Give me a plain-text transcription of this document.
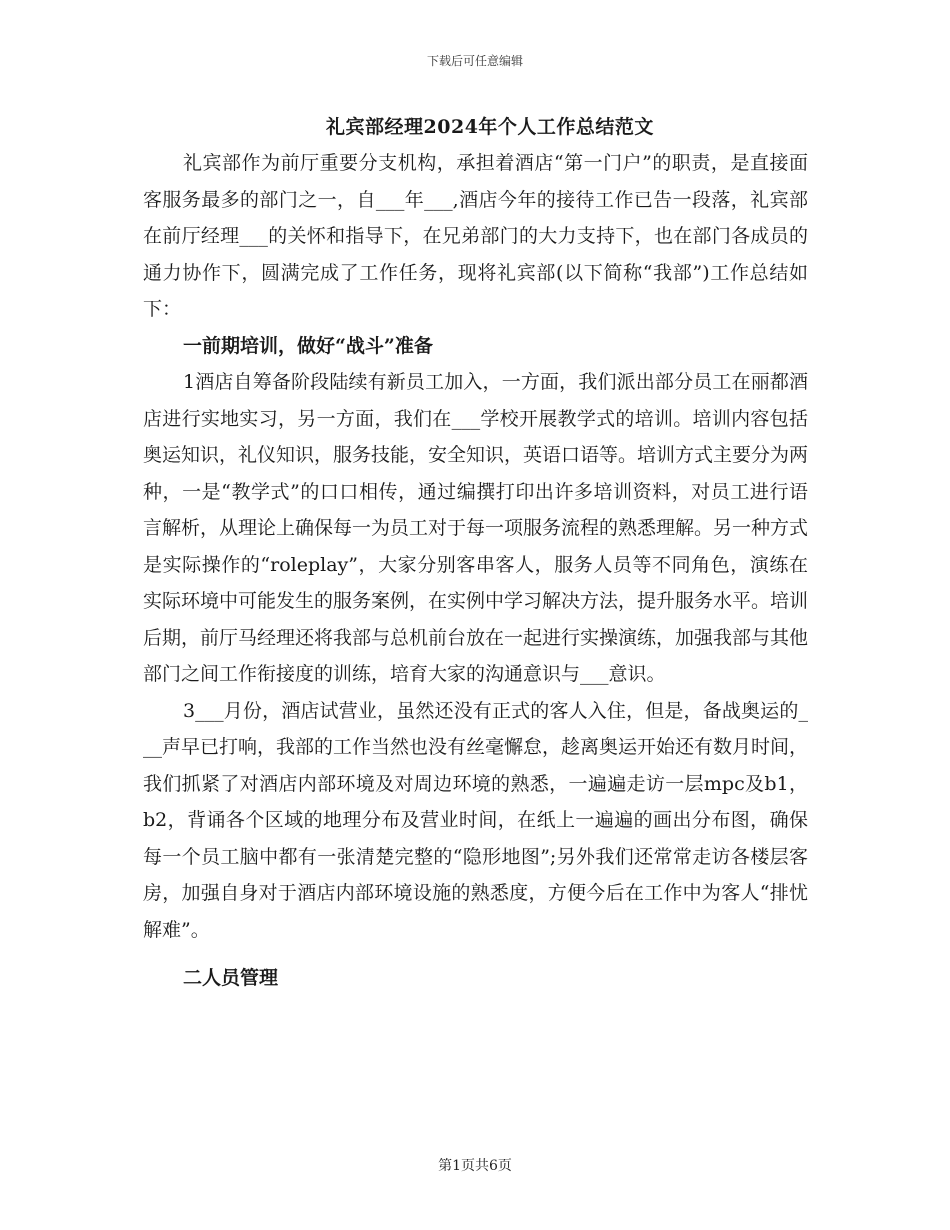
下载后可任意编辑
礼宾部经理2024年个人工作总结范文

礼宾部作为前厅重要分支机构，承担着酒店“第一门户”的职责，是直接面客服务最多的部门之一，自___年___,酒店今年的接待工作已告一段落，礼宾部在前厅经理___的关怀和指导下，在兄弟部门的大力支持下，也在部门各成员的通力协作下，圆满完成了工作任务，现将礼宾部(以下简称“我部”)工作总结如下：

一前期培训，做好“战斗”准备

1酒店自筹备阶段陆续有新员工加入，一方面，我们派出部分员工在丽都酒店进行实地实习，另一方面，我们在___学校开展教学式的培训。培训内容包括奥运知识，礼仪知识，服务技能，安全知识，英语口语等。培训方式主要分为两种，一是“教学式”的口口相传，通过编撰打印出许多培训资料，对员工进行语言解析，从理论上确保每一为员工对于每一项服务流程的熟悉理解。另一种方式是实际操作的“roleplay”，大家分别客串客人，服务人员等不同角色，演练在实际环境中可能发生的服务案例，在实例中学习解决方法，提升服务水平。培训后期，前厅马经理还将我部与总机前台放在一起进行实操演练，加强我部与其他部门之间工作衔接度的训练，培育大家的沟通意识与___意识。

3___月份，酒店试营业，虽然还没有正式的客人入住，但是，备战奥运的___声早已打响，我部的工作当然也没有丝毫懈怠，趁离奥运开始还有数月时间，我们抓紧了对酒店内部环境及对周边环境的熟悉，一遍遍走访一层mpc及b1，b2，背诵各个区域的地理分布及营业时间，在纸上一遍遍的画出分布图，确保每一个员工脑中都有一张清楚完整的“隐形地图”;另外我们还常常走访各楼层客房，加强自身对于酒店内部环境设施的熟悉度，方便今后在工作中为客人“排忧解难”。

二人员管理

第1页共6页
